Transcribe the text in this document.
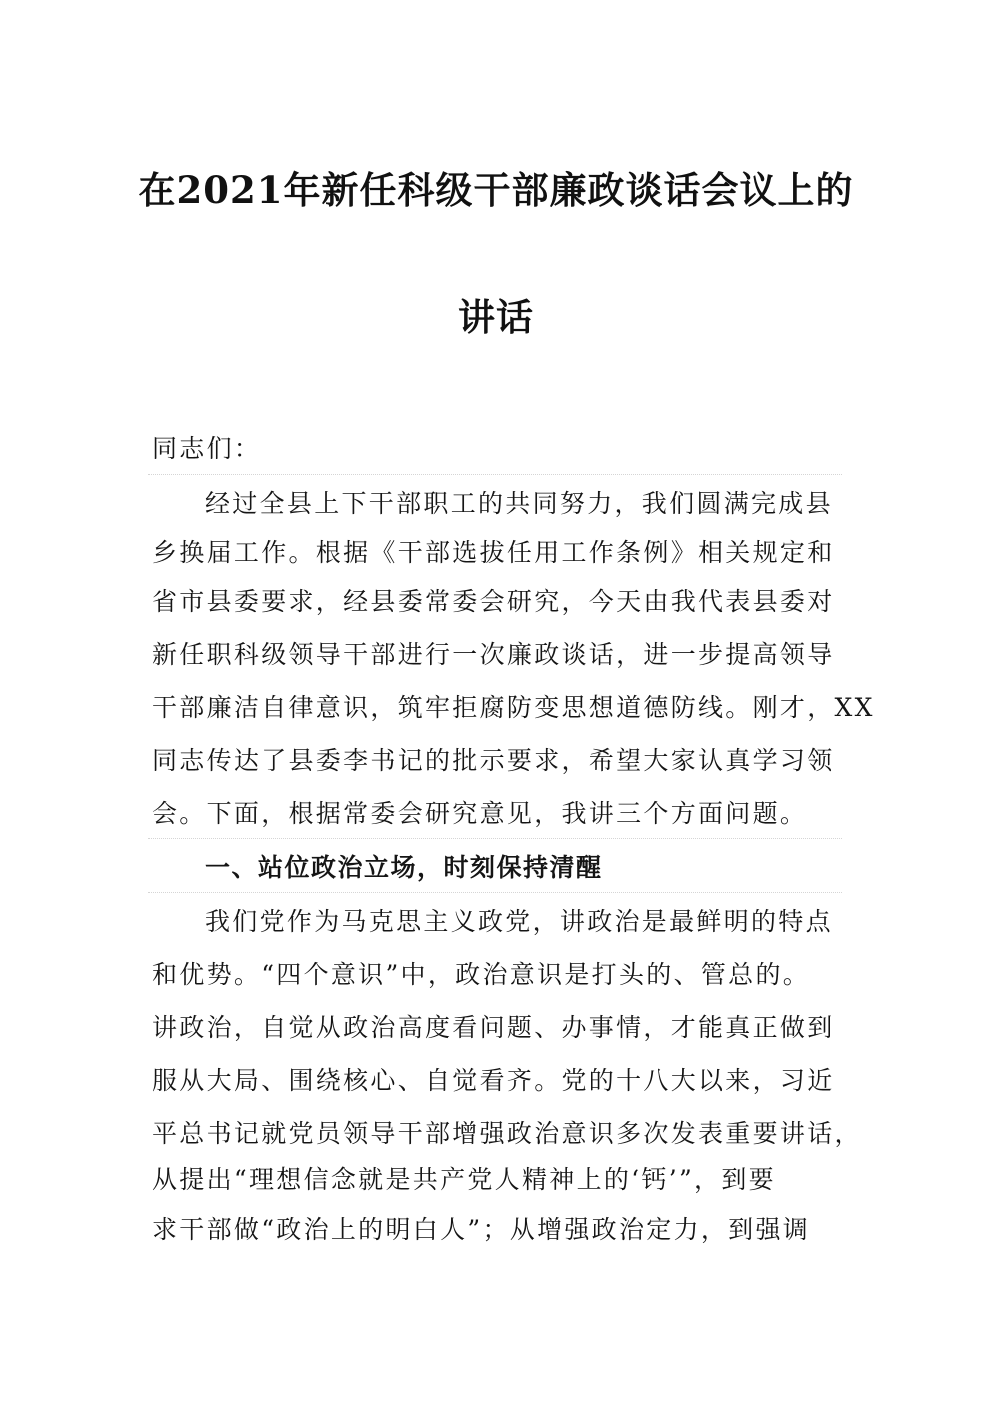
在2021年新任科级干部廉政谈话会议上的
讲话
同志们：
经过全县上下干部职工的共同努力，我们圆满完成县
乡换届工作。根据《干部选拔任用工作条例》相关规定和
省市县委要求，经县委常委会研究，今天由我代表县委对
新任职科级领导干部进行一次廉政谈话，进一步提高领导
干部廉洁自律意识，筑牢拒腐防变思想道德防线。刚才，XX
同志传达了县委李书记的批示要求，希望大家认真学习领
会。下面，根据常委会研究意见，我讲三个方面问题。
一、站位政治立场，时刻保持清醒
我们党作为马克思主义政党，讲政治是最鲜明的特点
和优势。“四个意识”中，政治意识是打头的、管总的。
讲政治，自觉从政治高度看问题、办事情，才能真正做到
服从大局、围绕核心、自觉看齐。党的十八大以来，习近
平总书记就党员领导干部增强政治意识多次发表重要讲话，
从提出“理想信念就是共产党人精神上的‘钙’”，到要
求干部做“政治上的明白人”；从增强政治定力，到强调
